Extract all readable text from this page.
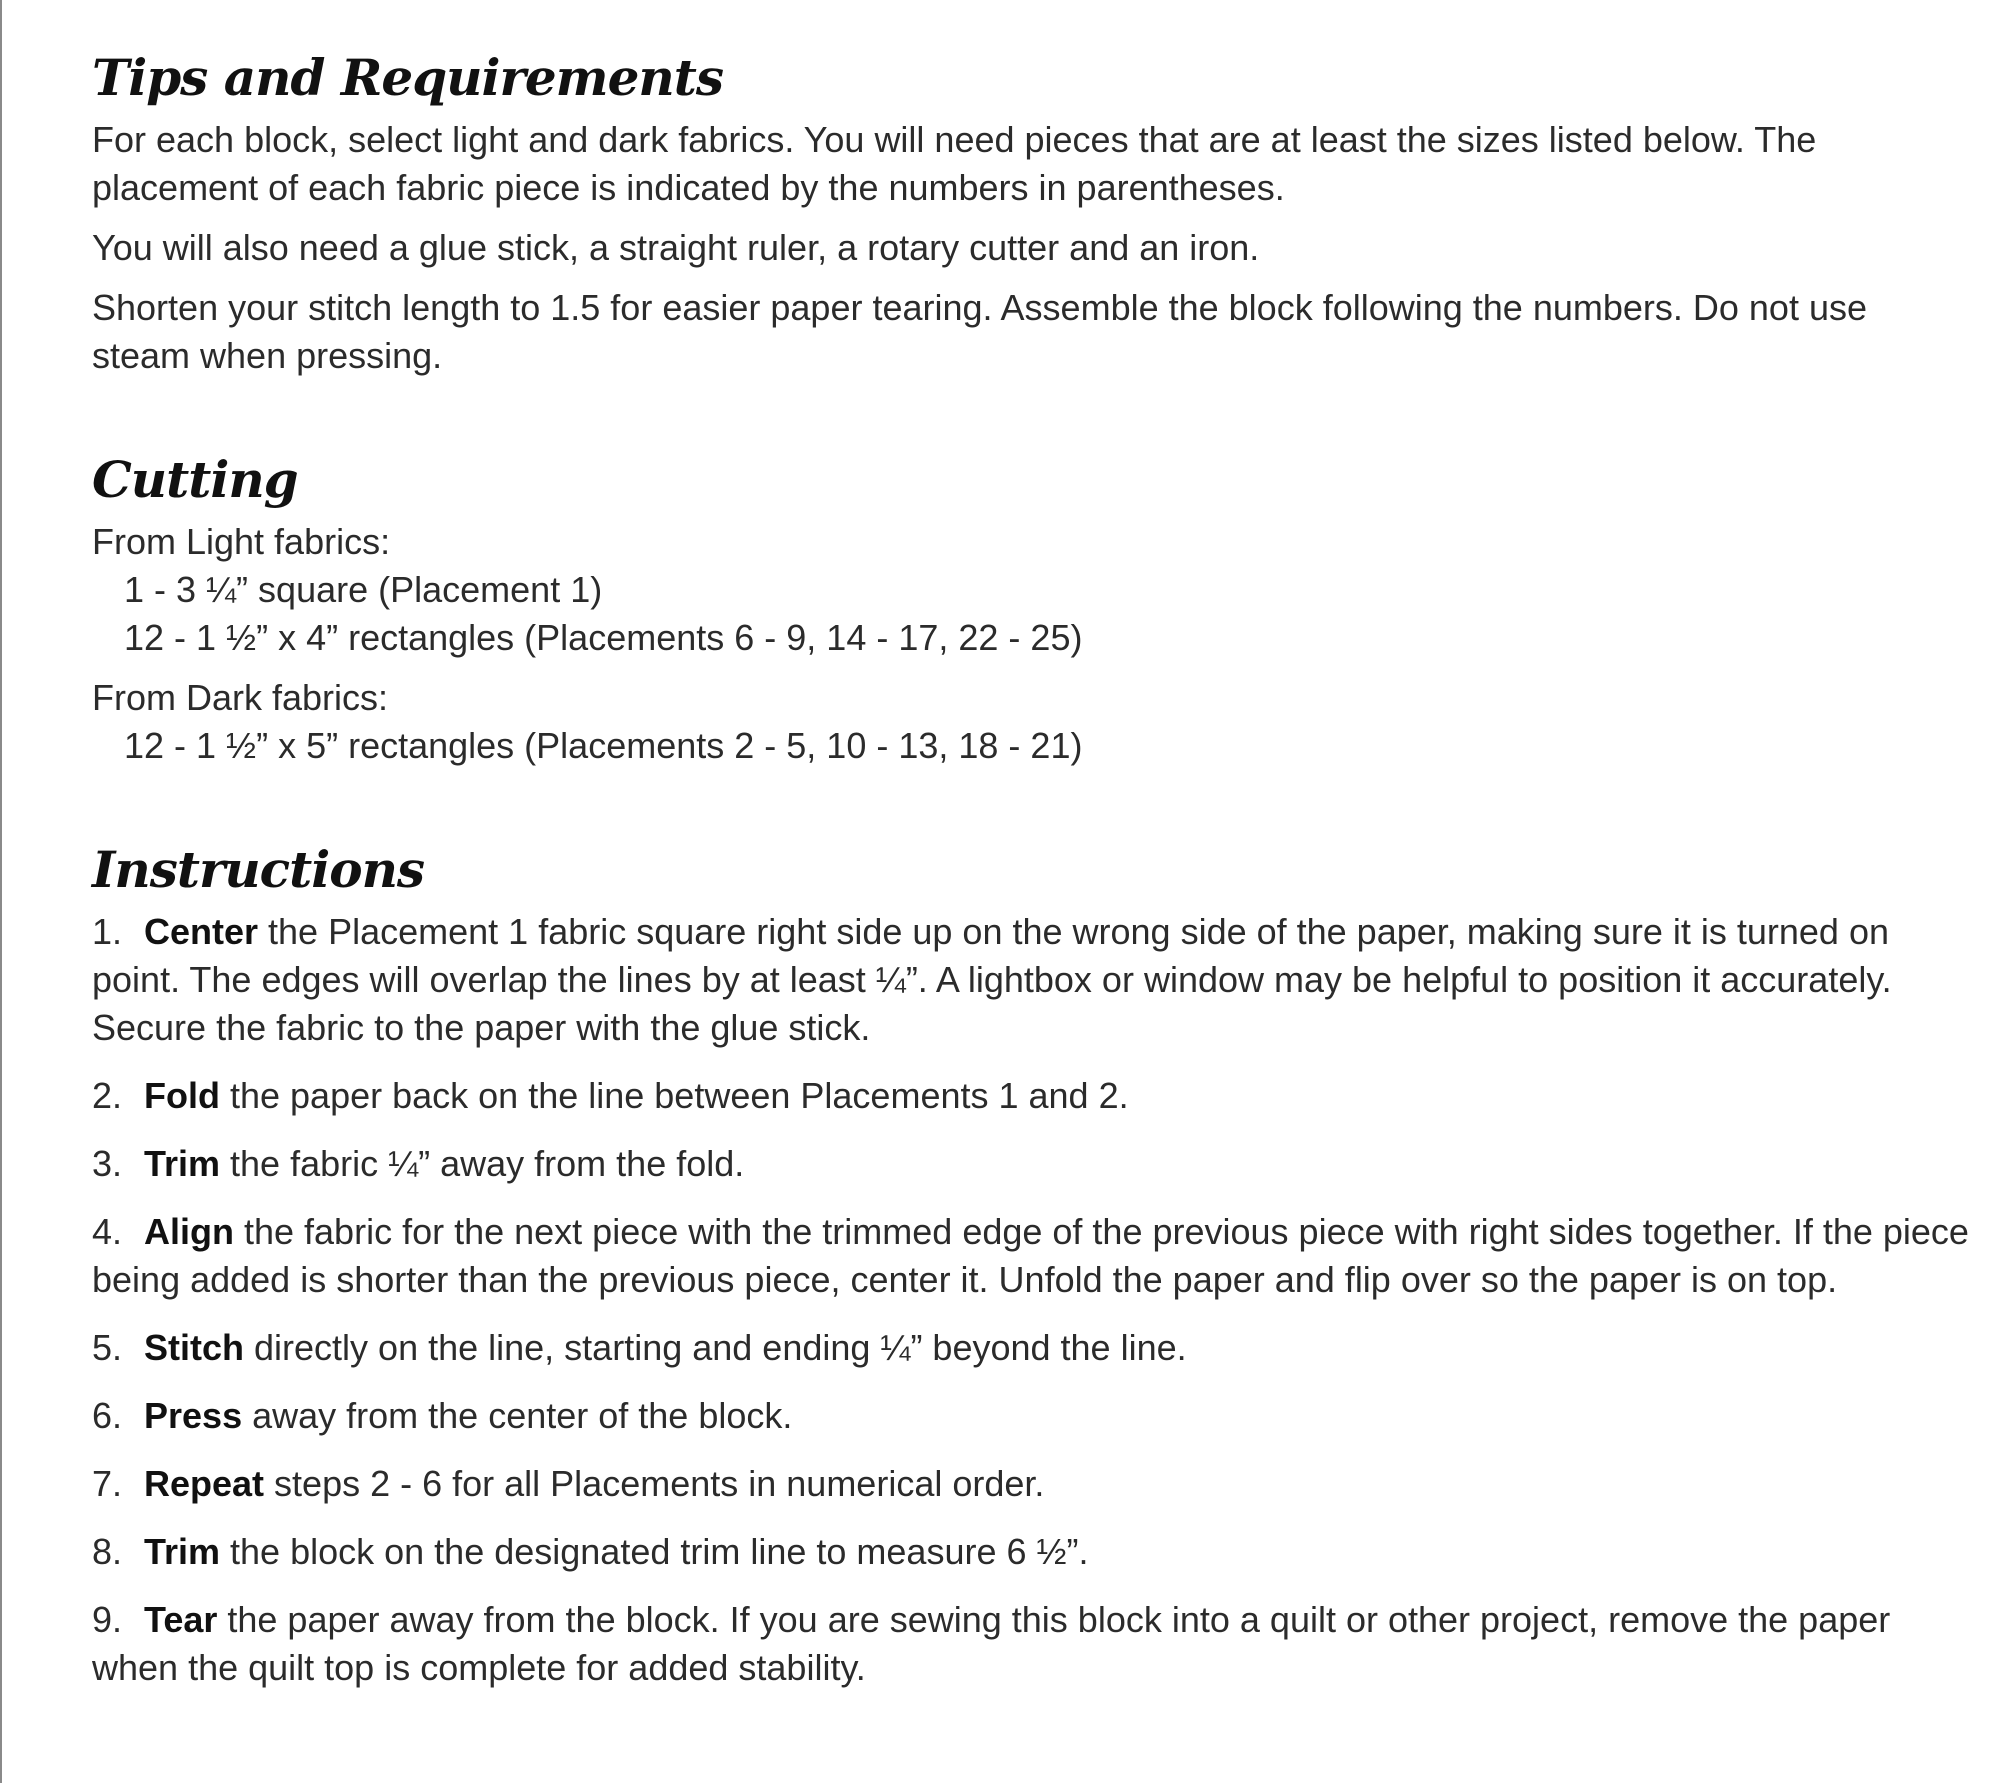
Tips and Requirements

For each block, select light and dark fabrics. You will need pieces that are at least the sizes listed below. The placement of each fabric piece is indicated by the numbers in parentheses.

You will also need a glue stick, a straight ruler, a rotary cutter and an iron.

Shorten your stitch length to 1.5 for easier paper tearing. Assemble the block following the numbers. Do not use steam when pressing.

Cutting

From Light fabrics:

1 - 3 ¼” square (Placement 1)

12 - 1 ½” x 4” rectangles (Placements 6 - 9, 14 - 17, 22 - 25)

From Dark fabrics:

12 - 1 ½” x 5” rectangles (Placements 2 - 5, 10 - 13, 18 - 21)

Instructions

1. Center the Placement 1 fabric square right side up on the wrong side of the paper, making sure it is turned on point. The edges will overlap the lines by at least ¼”. A lightbox or window may be helpful to position it accurately. Secure the fabric to the paper with the glue stick.

2. Fold the paper back on the line between Placements 1 and 2.

3. Trim the fabric ¼” away from the fold.

4. Align the fabric for the next piece with the trimmed edge of the previous piece with right sides together. If the piece being added is shorter than the previous piece, center it. Unfold the paper and flip over so the paper is on top.

5. Stitch directly on the line, starting and ending ¼” beyond the line.

6. Press away from the center of the block.

7. Repeat steps 2 - 6 for all Placements in numerical order.

8. Trim the block on the designated trim line to measure 6 ½”.

9. Tear the paper away from the block. If you are sewing this block into a quilt or other project, remove the paper when the quilt top is complete for added stability.
